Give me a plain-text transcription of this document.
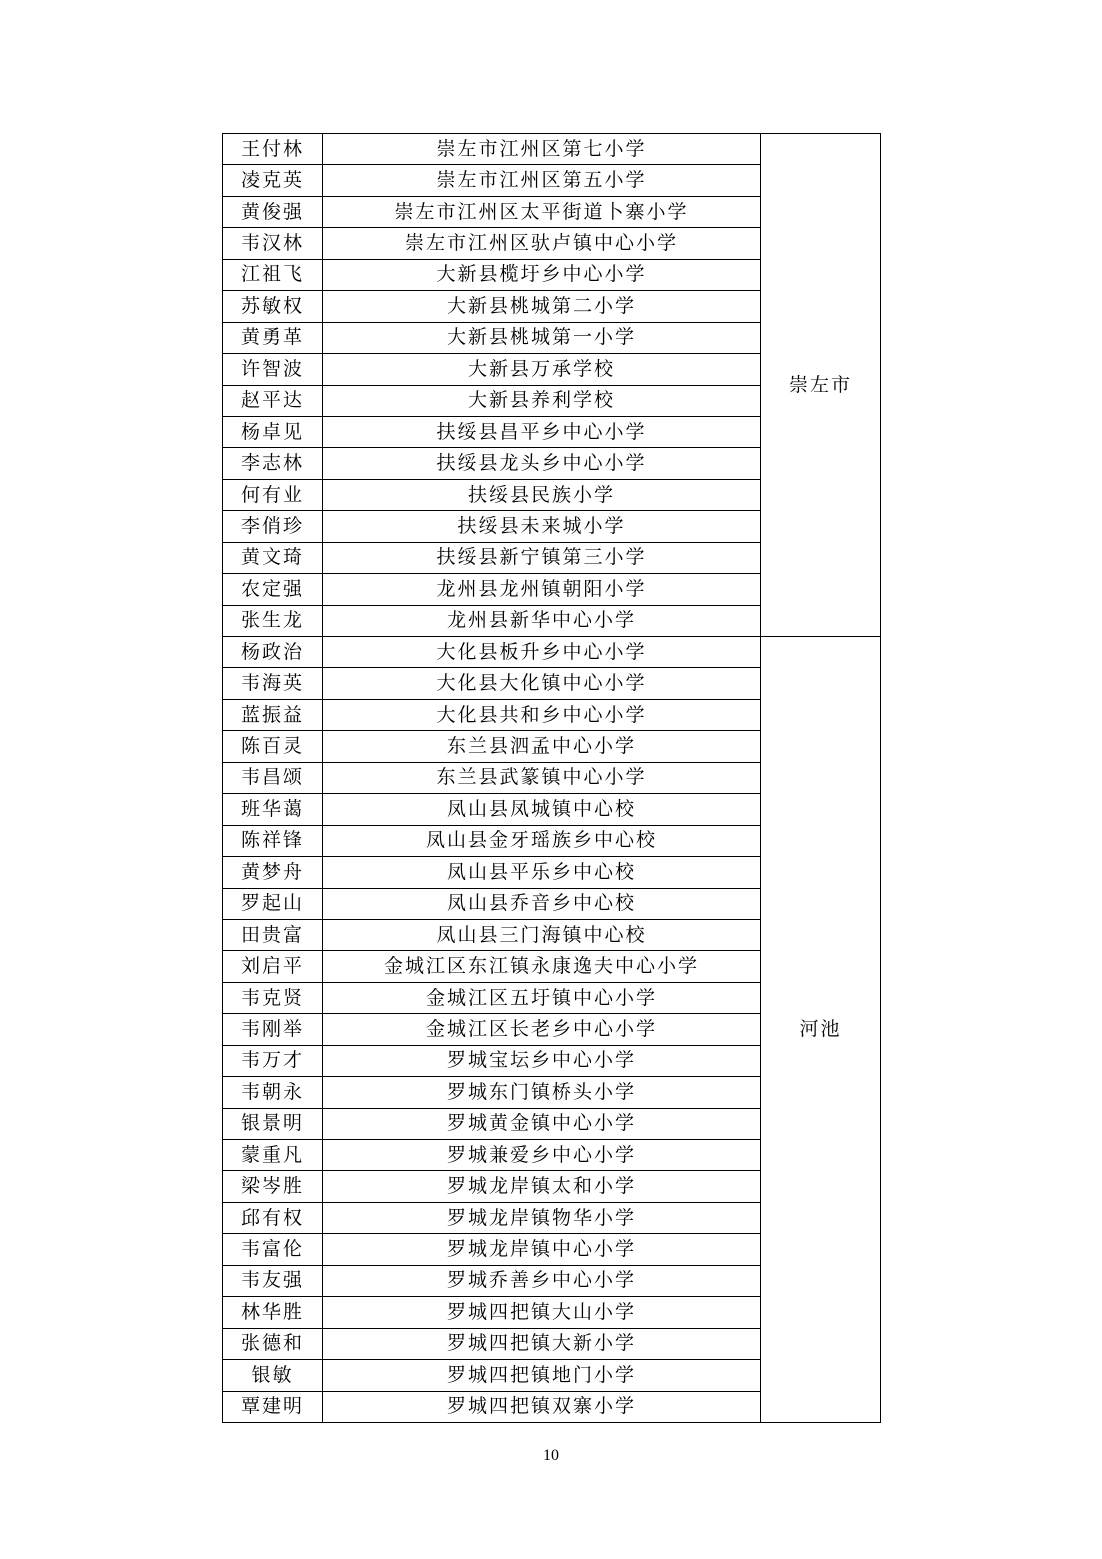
王付林	崇左市江州区第七小学	崇左市
凌克英	崇左市江州区第五小学	
黄俊强	崇左市江州区太平街道卜寨小学	
韦汉林	崇左市江州区驮卢镇中心小学	
江祖飞	大新县榄圩乡中心小学	
苏敏权	大新县桃城第二小学	
黄勇革	大新县桃城第一小学	
许智波	大新县万承学校	
赵平达	大新县养利学校	
杨卓见	扶绥县昌平乡中心小学	
李志林	扶绥县龙头乡中心小学	
何有业	扶绥县民族小学	
李俏珍	扶绥县未来城小学	
黄文琦	扶绥县新宁镇第三小学	
农定强	龙州县龙州镇朝阳小学	
张生龙	龙州县新华中心小学	
杨政治	大化县板升乡中心小学	河池
韦海英	大化县大化镇中心小学	
蓝振益	大化县共和乡中心小学	
陈百灵	东兰县泗孟中心小学	
韦昌颂	东兰县武篆镇中心小学	
班华蔼	凤山县凤城镇中心校	
陈祥锋	凤山县金牙瑶族乡中心校	
黄梦舟	凤山县平乐乡中心校	
罗起山	凤山县乔音乡中心校	
田贵富	凤山县三门海镇中心校	
刘启平	金城江区东江镇永康逸夫中心小学	
韦克贤	金城江区五圩镇中心小学	
韦刚举	金城江区长老乡中心小学	
韦万才	罗城宝坛乡中心小学	
韦朝永	罗城东门镇桥头小学	
银景明	罗城黄金镇中心小学	
蒙重凡	罗城兼爱乡中心小学	
梁岑胜	罗城龙岸镇太和小学	
邱有权	罗城龙岸镇物华小学	
韦富伦	罗城龙岸镇中心小学	
韦友强	罗城乔善乡中心小学	
林华胜	罗城四把镇大山小学	
张德和	罗城四把镇大新小学	
银敏	罗城四把镇地门小学	
覃建明	罗城四把镇双寨小学	
10
